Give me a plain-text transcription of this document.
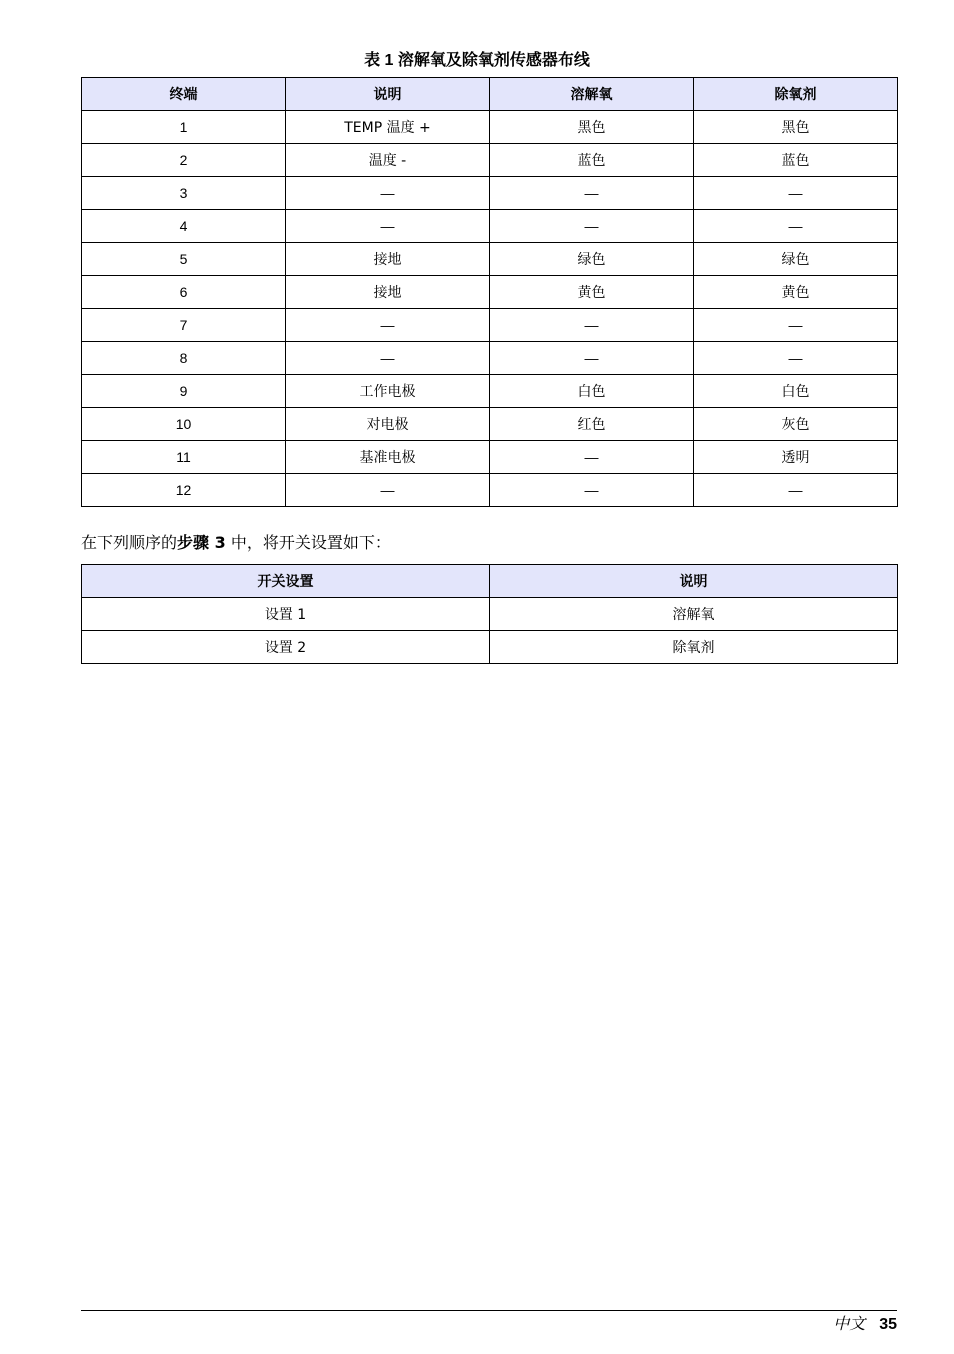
表 1 溶解氧及除氧剂传感器布线
终端	说明	溶解氧	除氧剂
1	TEMP 温度 +	黑色	黑色
2	温度 -	蓝色	蓝色
3	—	—	—
4	—	—	—
5	接地	绿色	绿色
6	接地	黄色	黄色
7	—	—	—
8	—	—	—
9	工作电极	白色	白色
10	对电极	红色	灰色
11	基准电极	—	透明
12	—	—	—
在下列顺序的步骤 3 中，将开关设置如下：
开关设置	说明
设置 1	溶解氧
设置 2	除氧剂
中文 35
